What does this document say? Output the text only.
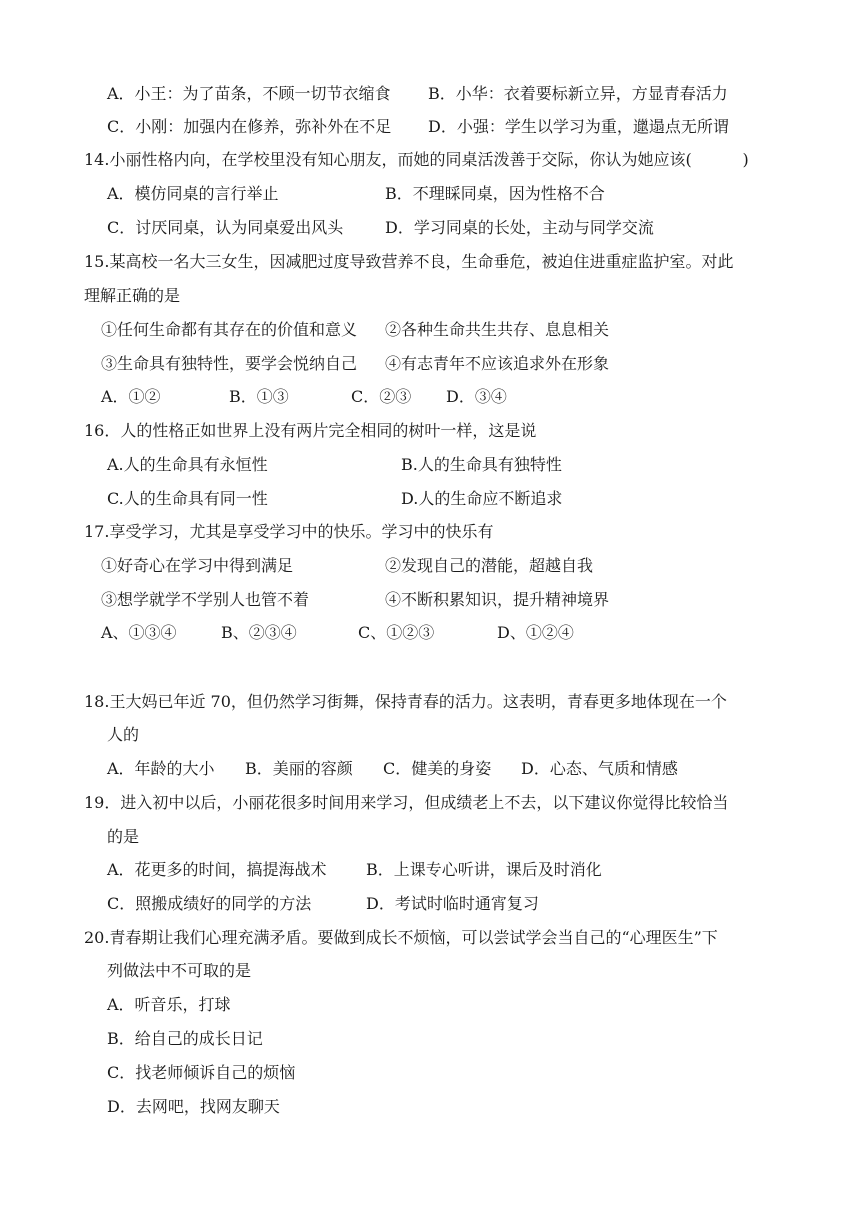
A．小王：为了苗条，不顾一切节衣缩食

B．小华：衣着要标新立异，方显青春活力

C．小刚：加强内在修养，弥补外在不足

D．小强：学生以学习为重，邋遢点无所谓

14.小丽性格内向，在学校里没有知心朋友，而她的同桌活泼善于交际，你认为她应该(          )

A．模仿同桌的言行举止

	B．不理睬同桌，因为性格不合

C．讨厌同桌，认为同桌爱出风头

	D．学习同桌的长处，主动与同学交流

15.某高校一名大三女生，因减肥过度导致营养不良，生命垂危，被迫住进重症监护室。对此
理解正确的是

①任何生命都有其存在的价值和意义

②各种生命共生共存、息息相关

③生命具有独特性，要学会悦纳自己

④有志青年不应该追求外在形象

A．①②

	B．①③

	C．②③

D．③④

16．人的性格正如世界上没有两片完全相同的树叶一样，这是说

A.人的生命具有永恒性

	B.人的生命具有独特性

C.人的生命具有同一性

	D.人的生命应不断追求

17.享受学习，尤其是享受学习中的快乐。学习中的快乐有

①好奇心在学习中得到满足

	②发现自己的潜能，超越自我

③想学就学不学别人也管不着

	④不断积累知识，提升精神境界

A、①③④

	B、②③④

	C、①②③

	D、①②④

18.王大妈已年近 70，但仍然学习街舞，保持青春的活力。这表明，青春更多地体现在一个
人的

A．年龄的大小

B．美丽的容颜

C．健美的身姿

D．心态、气质和情感

19．进入初中以后，小丽花很多时间用来学习，但成绩老上不去，以下建议你觉得比较恰当
的是

A．花更多的时间，搞提海战术

B．上课专心听讲，课后及时消化

C．照搬成绩好的同学的方法

	D．考试时临时通宵复习

20.青春期让我们心理充满矛盾。要做到成长不烦恼，可以尝试学会当自己的“心理医生”下
列做法中不可取的是
A．听音乐，打球
B．给自己的成长日记
C．找老师倾诉自己的烦恼
D．去网吧，找网友聊天
